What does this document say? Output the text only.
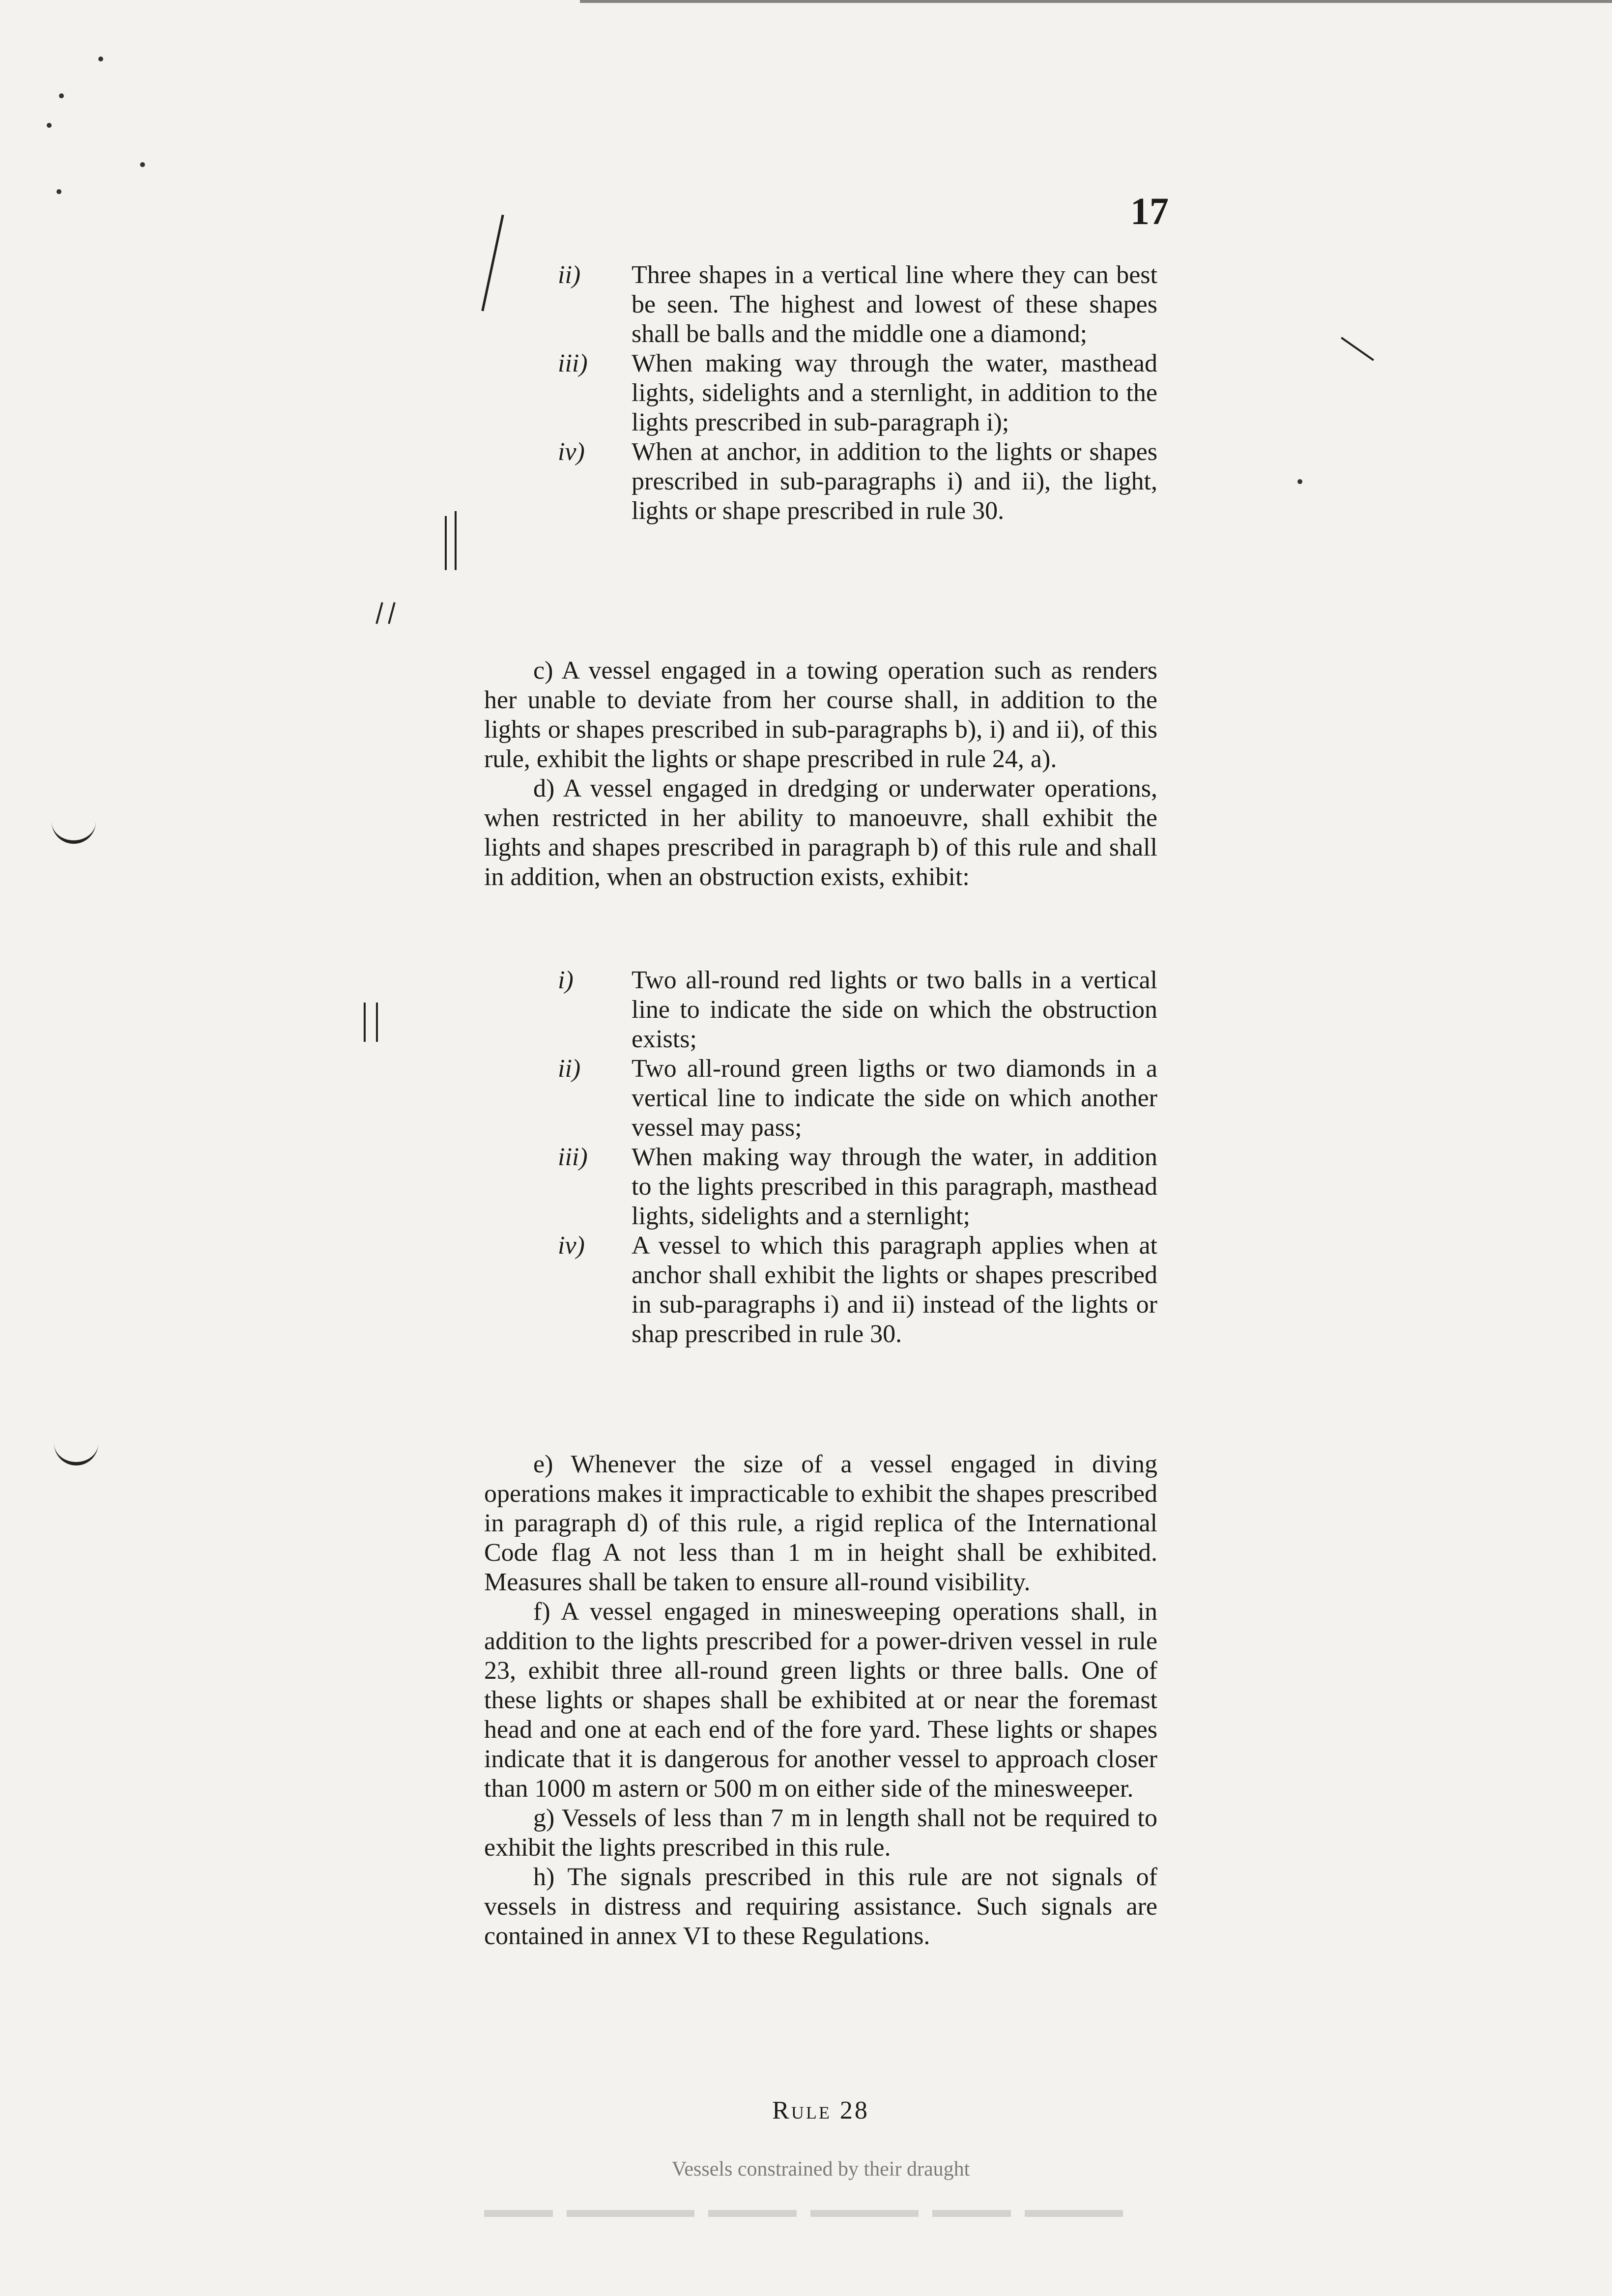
17
ii) Three shapes in a vertical line where they can best be seen. The highest and lowest of these shapes shall be balls and the middle one a diamond;

iii) When making way through the water, masthead lights, sidelights and a sternlight, in addition to the lights prescribed in sub-paragraph i);

iv) When at anchor, in addition to the lights or shapes prescribed in sub-paragraphs i) and ii), the light, lights or shape prescribed in rule 30.

c) A vessel engaged in a towing operation such as renders her unable to deviate from her course shall, in addition to the lights or shapes prescribed in sub-paragraphs b), i) and ii), of this rule, exhibit the lights or shape prescribed in rule 24, a).

d) A vessel engaged in dredging or underwater operations, when restricted in her ability to manoeuvre, shall exhibit the lights and shapes prescribed in paragraph b) of this rule and shall in addition, when an obstruction exists, exhibit:

i) Two all-round red lights or two balls in a vertical line to indicate the side on which the obstruction exists;

ii) Two all-round green ligths or two diamonds in a vertical line to indicate the side on which another vessel may pass;

iii) When making way through the water, in addition to the lights prescribed in this paragraph, masthead lights, sidelights and a sternlight;

iv) A vessel to which this paragraph applies when at anchor shall exhibit the lights or shapes prescribed in sub-paragraphs i) and ii) instead of the lights or shap prescribed in rule 30.

e) Whenever the size of a vessel engaged in diving operations makes it impracticable to exhibit the shapes prescribed in paragraph d) of this rule, a rigid replica of the International Code flag A not less than 1 m in height shall be exhibited. Measures shall be taken to ensure all-round visibility.

f) A vessel engaged in minesweeping operations shall, in addition to the lights prescribed for a power-driven vessel in rule 23, exhibit three all-round green lights or three balls. One of these lights or shapes shall be exhibited at or near the foremast head and one at each end of the fore yard. These lights or shapes indicate that it is dangerous for another vessel to approach closer than 1000 m astern or 500 m on either side of the minesweeper.

g) Vessels of less than 7 m in length shall not be required to exhibit the lights prescribed in this rule.

h) The signals prescribed in this rule are not signals of vessels in distress and requiring assistance. Such signals are contained in annex VI to these Regulations.

Rule 28
Vessels constrained by their draught
